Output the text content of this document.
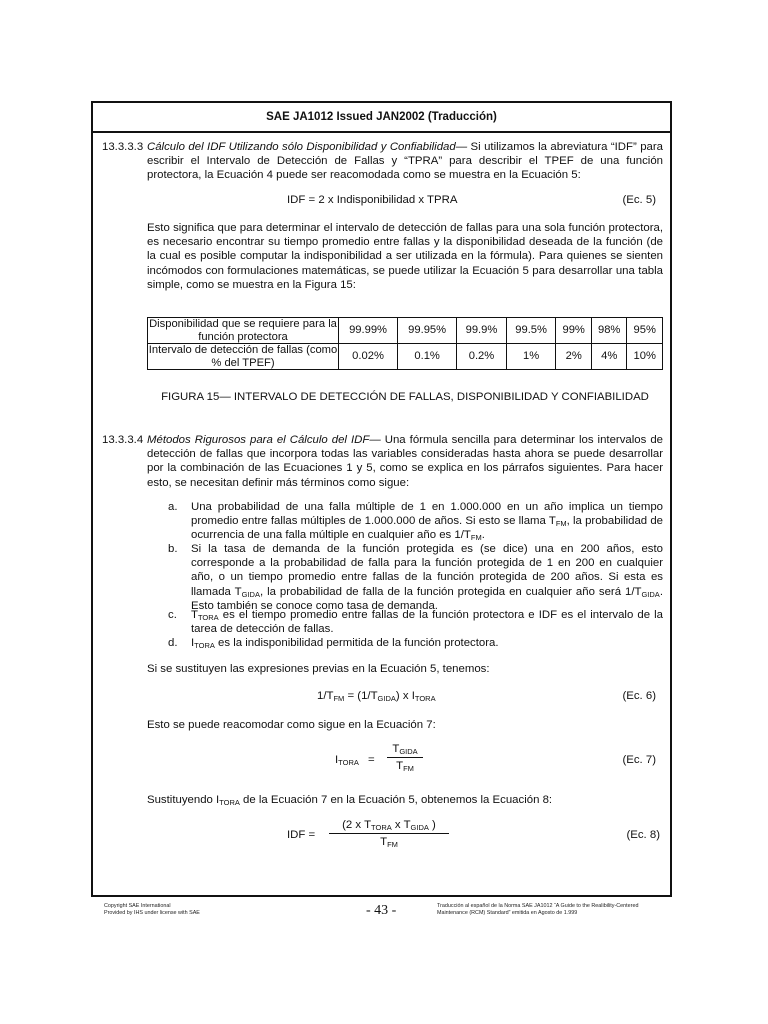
SAE JA1012 Issued JAN2002 (Traducción)
13.3.3.3 Cálculo del IDF Utilizando sólo Disponibilidad y Confiabilidad— Si utilizamos la abreviatura “IDF” para escribir el Intervalo de Detección de Fallas y “TPRA” para describir el TPEF de una función protectora, la Ecuación 4 puede ser reacomodada como se muestra en la Ecuación 5:
IDF = 2 x Indisponibilidad x TPRA	(Ec. 5)
Esto significa que para determinar el intervalo de detección de fallas para una sola función protectora, es necesario encontrar su tiempo promedio entre fallas y la disponibilidad deseada de la función (de la cual es posible computar la indisponibilidad a ser utilizada en la fórmula). Para quienes se sienten incómodos con formulaciones matemáticas, se puede utilizar la Ecuación 5 para desarrollar una tabla simple, como se muestra en la Figura 15:
Disponibilidad que se requiere para la función protectora	99.99%	99.95%	99.9%	99.5%	99%	98%	95%
Intervalo de detección de fallas (como % del TPEF)	0.02%	0.1%	0.2%	1%	2%	4%	10%
FIGURA 15— INTERVALO DE DETECCIÓN DE FALLAS, DISPONIBILIDAD Y CONFIABILIDAD
13.3.3.4 Métodos Rigurosos para el Cálculo del IDF— Una fórmula sencilla para determinar los intervalos de detección de fallas que incorpora todas las variables consideradas hasta ahora se puede desarrollar por la combinación de las Ecuaciones 1 y 5, como se explica en los párrafos siguientes. Para hacer esto, se necesitan definir más términos como sigue:
a.	Una probabilidad de una falla múltiple de 1 en 1.000.000 en un año implica un tiempo promedio entre fallas múltiples de 1.000.000 de años. Si esto se llama $T_{FM}$, la probabilidad de ocurrencia de una falla múltiple en cualquier año es $1/T_{FM}$.
b.	Si la tasa de demanda de la función protegida es (se dice) una en 200 años, esto corresponde a la probabilidad de falla para la función protegida de 1 en 200 en cualquier año, o un tiempo promedio entre fallas de la función protegida de 200 años. Si esta es llamada $T_{GIDA}$, la probabilidad de falla de la función protegida en cualquier año será $1/T_{GIDA}$. Esto también se conoce como tasa de demanda.
c.	$T_{TORA}$ es el tiempo promedio entre fallas de la función protectora e IDF es el intervalo de la tarea de detección de fallas.
d.	$I_{TORA}$ es la indisponibilidad permitida de la función protectora.
Si se sustituyen las expresiones previas en la Ecuación 5, tenemos:
$1/T_{FM} = (1/T_{GIDA})$ x $I_{TORA}$	(Ec. 6)
Esto se puede reacomodar como sigue en la Ecuación 7:
$I_{TORA}$ =
$T_{GIDA}$
$T_{FM}$
(Ec. 7)
Sustituyendo $I_{TORA}$ de la Ecuación 7 en la Ecuación 5, obtenemos la Ecuación 8:
IDF =
(2 x $T_{TORA}$ x $T_{GIDA}$ )
$T_{FM}$
(Ec. 8)
Copyright SAE International
Provided by IHS under license with SAE	- 43 -	Traducción al español de la Norma SAE JA1012 “A Guide to the Realibility-Centered
Maintenance (RCM) Standard” emitida en Agosto de 1.999
